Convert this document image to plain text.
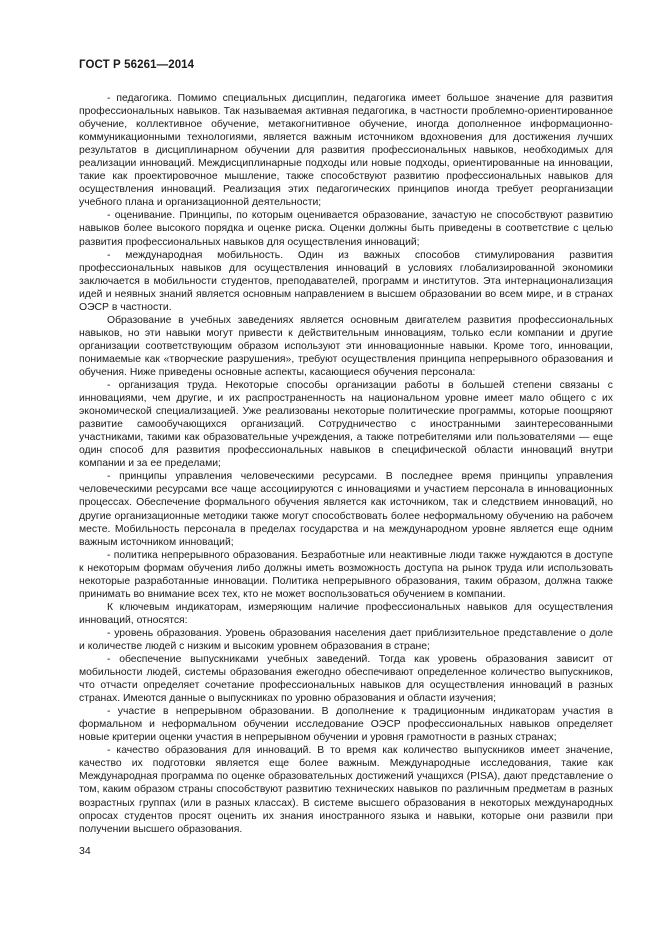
ГОСТ Р 56261—2014

- педагогика. Помимо специальных дисциплин, педагогика имеет большое значение для развития профессиональных навыков. Так называемая активная педагогика, в частности проблемно-ориентированное обучение, коллективное обучение, метакогнитивное обучение, иногда дополненное информационно-коммуникационными технологиями, является важным источником вдохновения для достижения лучших результатов в дисциплинарном обучении для развития профессиональных навыков, необходимых для реализации инноваций. Междисциплинарные подходы или новые подходы, ориентированные на инновации, такие как проектировочное мышление, также способствуют развитию профессиональных навыков для осуществления инноваций. Реализация этих педагогических принципов иногда требует реорганизации учебного плана и организационной деятельности;

- оценивание. Принципы, по которым оценивается образование, зачастую не способствуют развитию навыков более высокого порядка и оценке риска. Оценки должны быть приведены в соответствие с целью развития профессиональных навыков для осуществления инноваций;

- международная мобильность. Один из важных способов стимулирования развития профессиональных навыков для осуществления инноваций в условиях глобализированной экономики заключается в мобильности студентов, преподавателей, программ и институтов. Эта интернационализация идей и неявных знаний является основным направлением в высшем образовании во всем мире, и в странах ОЭСР в частности.

Образование в учебных заведениях является основным двигателем развития профессиональных навыков, но эти навыки могут привести к действительным инновациям, только если компании и другие организации соответствующим образом используют эти инновационные навыки. Кроме того, инновации, понимаемые как «творческие разрушения», требуют осуществления принципа непрерывного образования и обучения. Ниже приведены основные аспекты, касающиеся обучения персонала:

- организация труда. Некоторые способы организации работы в большей степени связаны с инновациями, чем другие, и их распространенность на национальном уровне имеет мало общего с их экономической специализацией. Уже реализованы некоторые политические программы, которые поощряют развитие самообучающихся организаций. Сотрудничество с иностранными заинтересованными участниками, такими как образовательные учреждения, а также потребителями или пользователями — еще один способ для развития профессиональных навыков в специфической области инноваций внутри компании и за ее пределами;

- принципы управления человеческими ресурсами. В последнее время принципы управления человеческими ресурсами все чаще ассоциируются с инновациями и участием персонала в инновационных процессах. Обеспечение формального обучения является как источником, так и следствием инноваций, но другие организационные методики также могут способствовать более неформальному обучению на рабочем месте. Мобильность персонала в пределах государства и на международном уровне является еще одним важным источником инноваций;

- политика непрерывного образования. Безработные или неактивные люди также нуждаются в доступе к некоторым формам обучения либо должны иметь возможность доступа на рынок труда или использовать некоторые разработанные инновации. Политика непрерывного образования, таким образом, должна также принимать во внимание всех тех, кто не может воспользоваться обучением в компании.

К ключевым индикаторам, измеряющим наличие профессиональных навыков для осуществления инноваций, относятся:

- уровень образования. Уровень образования населения дает приблизительное представление о доле и количестве людей с низким и высоким уровнем образования в стране;

- обеспечение выпускниками учебных заведений. Тогда как уровень образования зависит от мобильности людей, системы образования ежегодно обеспечивают определенное количество выпускников, что отчасти определяет сочетание профессиональных навыков для осуществления инноваций в разных странах. Имеются данные о выпускниках по уровню образования и области изучения;

- участие в непрерывном образовании. В дополнение к традиционным индикаторам участия в формальном и неформальном обучении исследование ОЭСР профессиональных навыков определяет новые критерии оценки участия в непрерывном обучении и уровня грамотности в разных странах;

- качество образования для инноваций. В то время как количество выпускников имеет значение, качество их подготовки является еще более важным. Международные исследования, такие как Международная программа по оценке образовательных достижений учащихся (PISA), дают представление о том, каким образом страны способствуют развитию технических навыков по различным предметам в разных возрастных группах (или в разных классах). В системе высшего образования в некоторых международных опросах студентов просят оценить их знания иностранного языка и навыки, которые они развили при получении высшего образования.

34
